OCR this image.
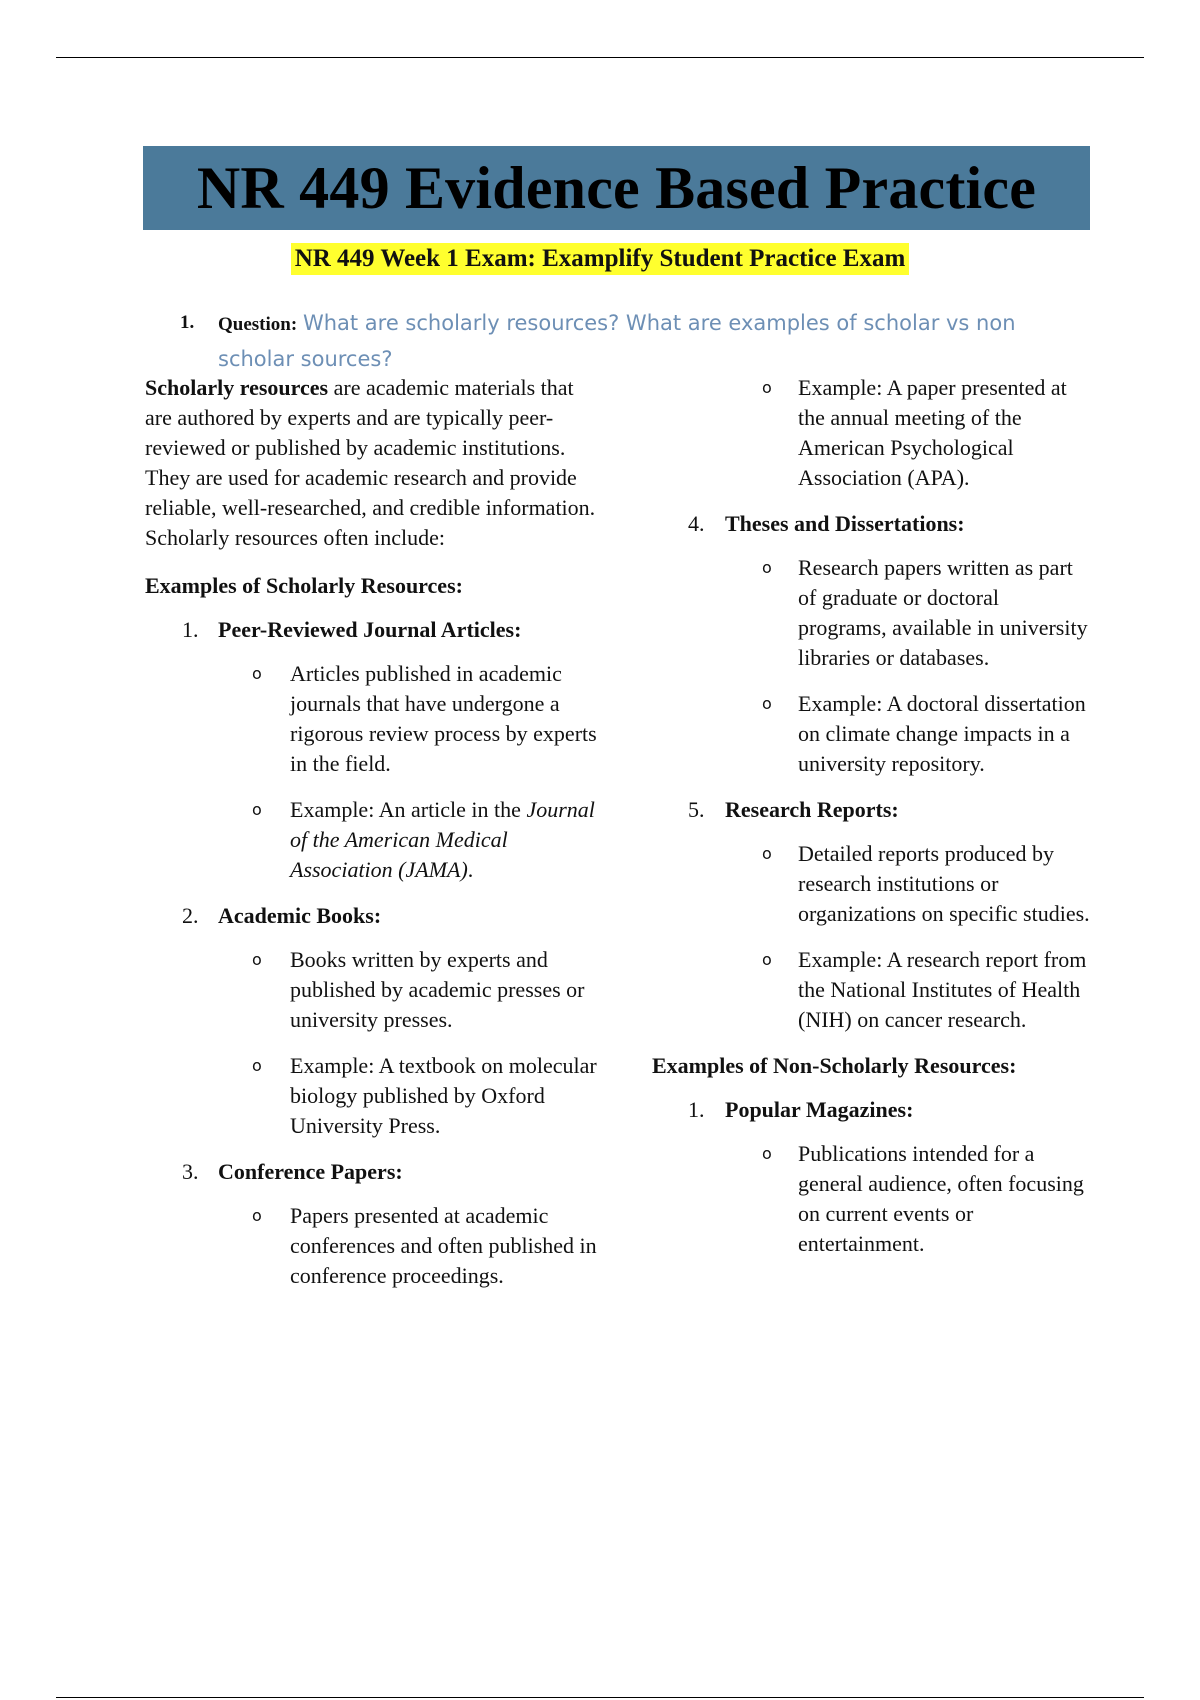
NR 449 Evidence Based Practice
NR 449 Week 1 Exam: Examplify Student Practice Exam
1. Question: What are scholarly resources? What are examples of scholar vs non scholar sources?

Scholarly resources are academic materials that are authored by experts and are typically peer-reviewed or published by academic institutions. They are used for academic research and provide reliable, well-researched, and credible information. Scholarly resources often include:

Examples of Scholarly Resources:

1. Peer-Reviewed Journal Articles:

o Articles published in academic journals that have undergone a rigorous review process by experts in the field.

o Example: An article in the Journal of the American Medical Association (JAMA).

2. Academic Books:

o Books written by experts and published by academic presses or university presses.

o Example: A textbook on molecular biology published by Oxford University Press.

3. Conference Papers:

o Papers presented at academic conferences and often published in conference proceedings.

o Example: A paper presented at the annual meeting of the American Psychological Association (APA).

4. Theses and Dissertations:

o Research papers written as part of graduate or doctoral programs, available in university libraries or databases.

o Example: A doctoral dissertation on climate change impacts in a university repository.

5. Research Reports:

o Detailed reports produced by research institutions or organizations on specific studies.

o Example: A research report from the National Institutes of Health (NIH) on cancer research.

Examples of Non-Scholarly Resources:

1. Popular Magazines:

o Publications intended for a general audience, often focusing on current events or entertainment.
